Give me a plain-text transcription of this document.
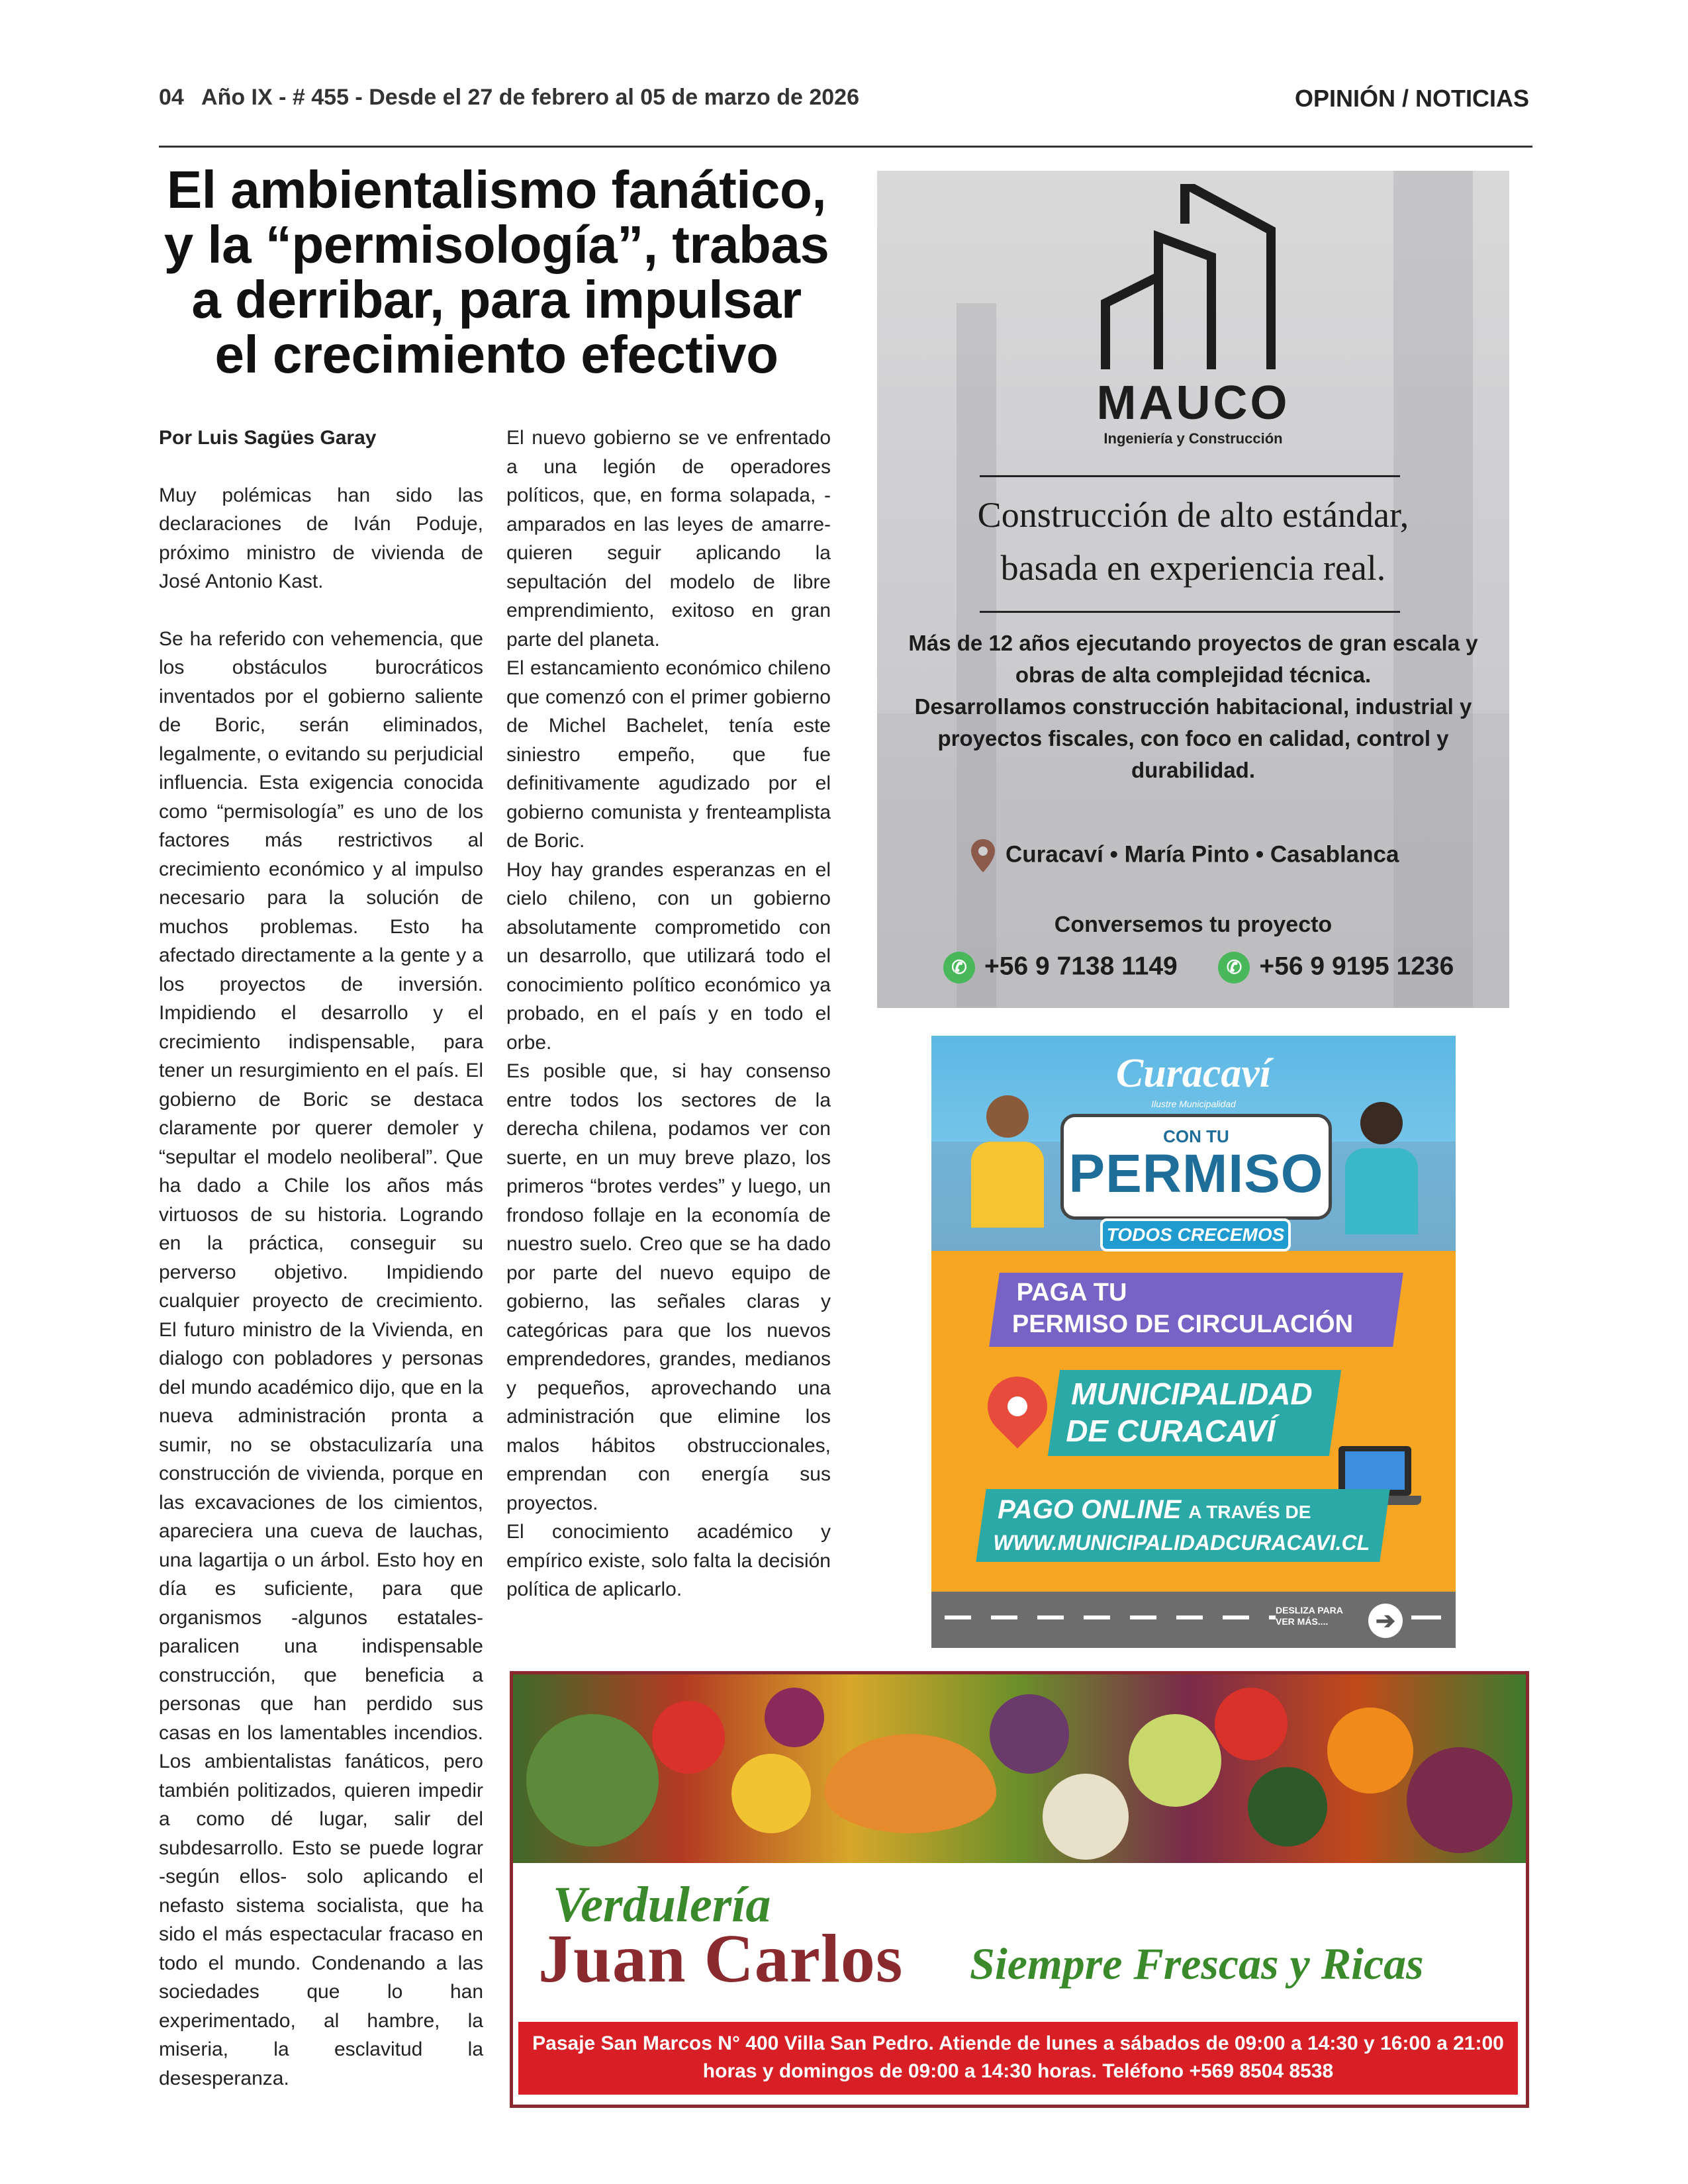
04 Año IX - # 455 - Desde el 27 de febrero al 05 de marzo de 2026	OPINIÓN / NOTICIAS
El ambientalismo fanático,
y la “permisología”, trabas
a derribar, para impulsar
el crecimiento efectivo

Por Luis Sagües Garay

Muy polémicas han sido las declaraciones de Iván Poduje, próximo ministro de vivienda de José Antonio Kast.

Se ha referido con vehemencia, que los obstáculos burocráticos inventados por el gobierno saliente de Boric, serán eliminados, legalmente, o evitando su perjudicial influencia. Esta exigencia conocida como “permisología” es uno de los factores más restrictivos al crecimiento económico y al impulso necesario para la solución de muchos problemas. Esto ha afectado directamente a la gente y a los proyectos de inversión. Impidiendo el desarrollo y el crecimiento indispensable, para tener un resurgimiento en el país. El gobierno de Boric se destaca claramente por querer demoler y “sepultar el modelo neoliberal”. Que ha dado a Chile los años más virtuosos de su historia. Logrando en la práctica, conseguir su perverso objetivo. Impidiendo cualquier proyecto de crecimiento. El futuro ministro de la Vivienda, en dialogo con pobladores y personas del mundo académico dijo, que en la nueva administración pronta a sumir, no se obstaculizaría una construcción de vivienda, porque en las excavaciones de los cimientos, apareciera una cueva de lauchas, una lagartija o un árbol. Esto hoy en día es suficiente, para que organismos -algunos estatales- paralicen una indispensable construcción, que beneficia a personas que han perdido sus casas en los lamentables incendios. Los ambientalistas fanáticos, pero también politizados, quieren impedir a como dé lugar, salir del subdesarrollo. Esto se puede lograr -según ellos- solo aplicando el nefasto sistema socialista, que ha sido el más espectacular fracaso en todo el mundo. Condenando a las sociedades que lo han experimentado, al hambre, la miseria, la esclavitud la desesperanza.

El nuevo gobierno se ve enfrentado a una legión de operadores políticos, que, en forma solapada, -amparados en las leyes de amarre- quieren seguir aplicando la sepultación del modelo de libre emprendimiento, exitoso en gran parte del planeta.

El estancamiento económico chileno que comenzó con el primer gobierno de Michel Bachelet, tenía este siniestro empeño, que fue definitivamente agudizado por el gobierno comunista y frenteamplista de Boric.

Hoy hay grandes esperanzas en el cielo chileno, con un gobierno absolutamente comprometido con un desarrollo, que utilizará todo el conocimiento político económico ya probado, en el país y en todo el orbe.

Es posible que, si hay consenso entre todos los sectores de la derecha chilena, podamos ver con suerte, en un muy breve plazo, los primeros “brotes verdes” y luego, un frondoso follaje en la economía de nuestro suelo. Creo que se ha dado por parte del nuevo equipo de gobierno, las señales claras y categóricas para que los nuevos emprendedores, grandes, medianos y pequeños, aprovechando una administración que elimine los malos hábitos obstruccionales, emprendan con energía sus proyectos.

El conocimiento académico y empírico existe, solo falta la decisión política de aplicarlo.

MAUCO
Ingeniería y Construcción
Construcción de alto estándar,
basada en experiencia real.
Más de 12 años ejecutando proyectos de gran escala y obras de alta complejidad técnica.
Desarrollamos construcción habitacional, industrial y proyectos fiscales, con foco en calidad, control y durabilidad.
Curacaví • María Pinto • Casablanca
Conversemos tu proyecto
✆ +56 9 7138 1149	✆ +56 9 9195 1236
Curacaví
Ilustre Municipalidad
CON TU
PERMISO
TODOS CRECEMOS
PAGA TU
PERMISO DE CIRCULACIÓN
MUNICIPALIDAD
DE CURACAVÍ
PAGO ONLINE A TRAVÉS DE
WWW.MUNICIPALIDADCURACAVI.CL
DESLIZA PARA VER MÁS....	➔
Verdulería
Juan Carlos Siempre Frescas y Ricas
Pasaje San Marcos N° 400 Villa San Pedro. Atiende de lunes a sábados de 09:00 a 14:30 y 16:00 a 21:00
horas y domingos de 09:00 a 14:30 horas. Teléfono +569 8504 8538
